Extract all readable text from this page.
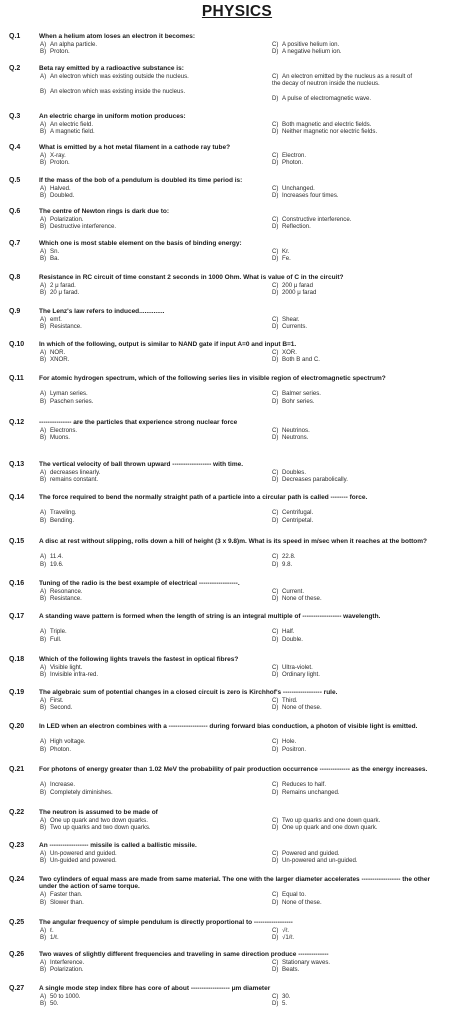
PHYSICS
Q.1	When a helium atom loses an electron it becomes:
A) An alpha particle.
B) Proton.
C) A positive helium ion.
D) A negative helium ion.
Q.2	Beta ray emitted by a radioactive substance is:
A) An electron which was existing outside the nucleus.
B) An electron which was existing inside the nucleus.
C) An electron emitted by the nucleus as a result of the decay of neutron inside the nucleus.
D) A pulse of electromagnetic wave.
Q.3	An electric charge in uniform motion produces:
A) An electric field.
B) A magnetic field.
C) Both magnetic and electric fields.
D) Neither magnetic nor electric fields.
Q.4	What is emitted by a hot metal filament in a cathode ray tube?
A) X-ray.
B) Proton.
C) Electron.
D) Photon.
Q.5	If the mass of the bob of a pendulum is doubled its time period is:
A) Halved.
B) Doubled.
C) Unchanged.
D) Increases four times.
Q.6	The centre of Newton rings is dark due to:
A) Polarization.
B) Destructive interference.
C) Constructive interference.
D) Reflection.
Q.7	Which one is most stable element on the basis of binding energy:
A) Sn.
B) Ba.
C) Kr.
D) Fe.
Q.8	Resistance in RC circuit of time constant 2 seconds in 1000 Ohm. What is value of C in the circuit?
A) 2 μ farad.
B) 20 μ farad.
C) 200 μ farad
D) 2000 μ farad
Q.9	The Lenz's law refers to induced..............
A) emf.
B) Resistance.
C) Shear.
D) Currents.
Q.10 In which of the following, output is similar to NAND gate if input A=0 and input B=1.
A) NOR.
B) XNOR.
C) XOR.
D) Both B and C.
Q.11 For atomic hydrogen spectrum, which of the following series lies in visible region of electromagnetic spectrum?
A) Lyman series.
B) Paschen series.
C) Balmer series.
D) Bohr series.
Q.12 --------------- are the particles that experience strong nuclear force
A) Electrons.
B) Muons.
C) Neutrinos.
D) Neutrons.
Q.13 The vertical velocity of ball thrown upward ------------------ with time.
A) decreases linearly.
B) remains constant.
C) Doubles.
D) Decreases parabolically.
Q.14 The force required to bend the normally straight path of a particle into a circular path is called -------- force.
A) Traveling.
B) Bending.
C) Centrifugal.
D) Centripetal.
Q.15 A disc at rest without slipping, rolls down a hill of height (3 x 9.8)m. What is its speed in m/sec when it reaches at the bottom?
A) 11.4.
B) 19.6.
C) 22.8.
D) 9.8.
Q.16 Tuning of the radio is the best example of electrical ------------------.
A) Resonance.
B) Resistance.
C) Current.
D) None of these.
Q.17 A standing wave pattern is formed when the length of string is an integral multiple of ------------------ wavelength.
A) Triple.
B) Full.
C) Half.
D) Double.
Q.18 Which of the following lights travels the fastest in optical fibres?
A) Visible light.
B) Invisible infra-red.
C) Ultra-violet.
D) Ordinary light.
Q.19 The algebraic sum of potential changes in a closed circuit is zero is Kirchhof's ------------------ rule.
A) First.
B) Second.
C) Third.
D) None of these.
Q.20 In LED when an electron combines with a ------------------ during forward bias conduction, a photon of visible light is emitted.
A) High voltage.
B) Photon.
C) Hole.
D) Positron.
Q.21 For photons of energy greater than 1.02 MeV the probability of pair production occurrence -------------- as the energy increases.
A) Increase.
B) Completely diminishes.
C) Reduces to half.
D) Remains unchanged.
Q.22 The neutron is assumed to be made of
A) One up quark and two down quarks.
B) Two up quarks and two down quarks.
C) Two up quarks and one down quark.
D) One up quark and one down quark.
Q.23 An ------------------ missile is called a ballistic missile.
A) Un-powered and guided.
B) Un-guided and powered.
C) Powered and guided.
D) Un-powered and un-guided.
Q.24 Two cylinders of equal mass are made from same material. The one with the larger diameter accelerates ------------------ the other under the action of same torque.
A) Faster than.
B) Slower than.
C) Equal to.
D) None of these.
Q.25 The angular frequency of simple pendulum is directly proportional to ------------------
A) ℓ.
B) 1/ℓ.
C) √ℓ.
D) √1/ℓ.
Q.26 Two waves of slightly different frequencies and traveling in same direction produce --------------
A) Interference.
B) Polarization.
C) Stationary waves.
D) Beats.
Q.27 A single mode step index fibre has core of about ------------------ μm diameter
A) 50 to 1000.
B) 50.
C) 30.
D) 5.
